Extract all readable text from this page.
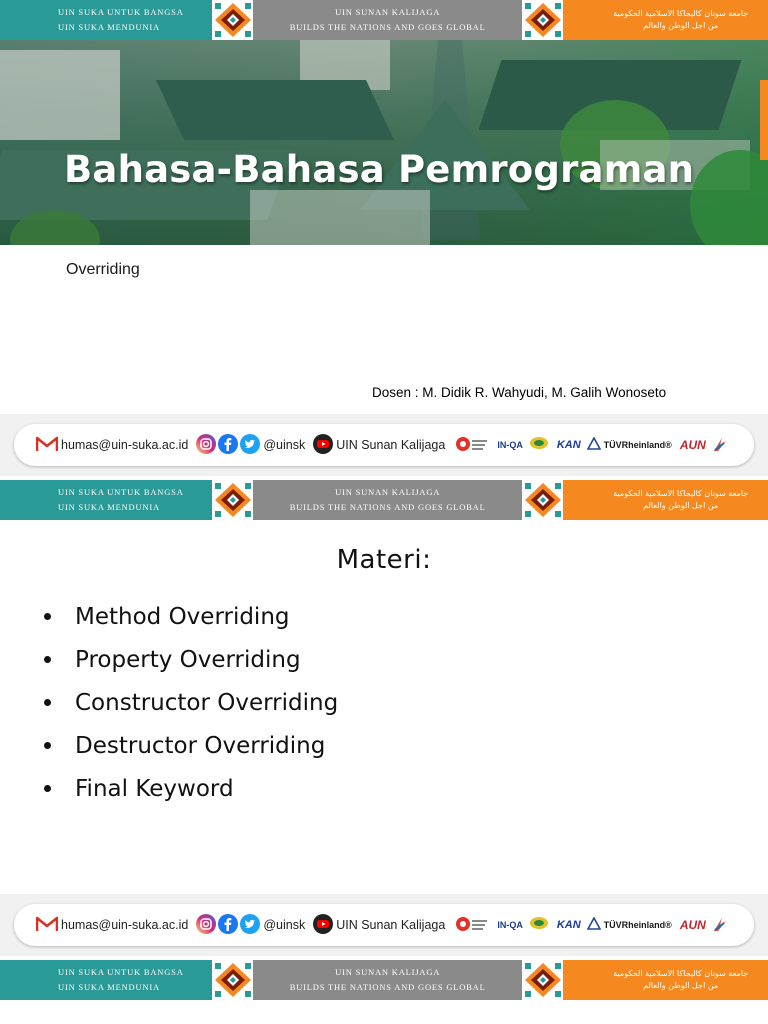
UIN SUKA UNTUK BANGSA
UIN SUKA MENDUNIA
UIN SUNAN KALIJAGA
BUILDS THE NATIONS AND GOES GLOBAL
جامعة سونان كاليجاكا الاسلامية الحكومية
من اجل الوطن والعالم
Bahasa-Bahasa Pemrograman
Overriding
Dosen : M. Didik R. Wahyudi, M. Galih Wonoseto
humas@uin-suka.ac.id	@uinsk UIN Sunan Kalijaga	IN-QA	KAN	TÜVRheinland® AUN
UIN SUKA UNTUK BANGSA
UIN SUKA MENDUNIA
UIN SUNAN KALIJAGA
BUILDS THE NATIONS AND GOES GLOBAL
جامعة سونان كاليجاكا الاسلامية الحكومية
من اجل الوطن والعالم
Materi:
Method Overriding
Property Overriding
Constructor Overriding
Destructor Overriding
Final Keyword
humas@uin-suka.ac.id	@uinsk UIN Sunan Kalijaga	IN-QA	KAN	TÜVRheinland® AUN
UIN SUKA UNTUK BANGSA
UIN SUKA MENDUNIA
UIN SUNAN KALIJAGA
BUILDS THE NATIONS AND GOES GLOBAL
جامعة سونان كاليجاكا الاسلامية الحكومية
من اجل الوطن والعالم
